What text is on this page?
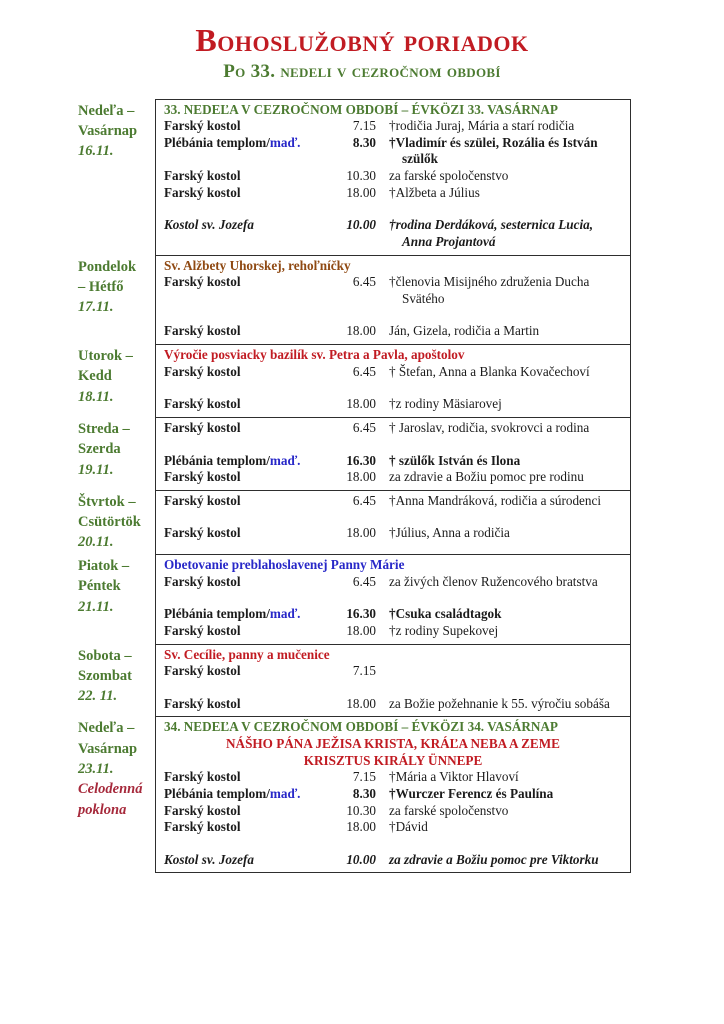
Bohoslužobný poriadok
Po 33. nedeli v cezročnom období
Nedeľa –
Vasárnap
16.11.
33. NEDEĽA V CEZROČNOM OBDOBÍ – ÉVKÖZI 33. VASÁRNAP
Farský kostol	7.15 †rodičia Juraj, Mária a starí rodičia
Plébánia templom/maď.	8.30 †Vladimír és szülei, Rozália és István szülők
Farský kostol	10.30 za farské spoločenstvo
Farský kostol	18.00 †Alžbeta a Július
Kostol sv. Jozefa	10.00 †rodina Derdáková, sesternica Lucia, Anna Projantová
Pondelok
– Hétfő
17.11.
Sv. Alžbety Uhorskej, rehoľníčky
Farský kostol	6.45 †členovia Misijného združenia Ducha Svätého
Farský kostol	18.00 Ján, Gizela, rodičia a Martin
Utorok –
Kedd
18.11.
Výročie posviacky bazilík sv. Petra a Pavla, apoštolov
Farský kostol	6.45 † Štefan, Anna a Blanka Kovačechoví
Farský kostol	18.00 †z rodiny Mäsiarovej
Streda –
Szerda
19.11.
Farský kostol	6.45 † Jaroslav, rodičia, svokrovci a rodina
Plébánia templom/maď.	16.30 † szülők István és Ilona
Farský kostol	18.00 za zdravie a Božiu pomoc pre rodinu
Štvrtok –
Csütörtök
20.11.
Farský kostol	6.45 †Anna Mandráková, rodičia a súrodenci
Farský kostol	18.00 †Július, Anna a rodičia
Piatok –
Péntek
21.11.
Obetovanie preblahoslavenej Panny Márie
Farský kostol	6.45 za živých členov Ružencového bratstva
Plébánia templom/maď.	16.30 †Csuka családtagok
Farský kostol	18.00 †z rodiny Supekovej
Sobota –
Szombat
22. 11.
Sv. Cecílie, panny a mučenice
Farský kostol	7.15
Farský kostol	18.00 za Božie požehnanie k 55. výročiu sobáša
Nedeľa –
Vasárnap
23.11.
Celodenná
poklona
34. NEDEĽA V CEZROČNOM OBDOBÍ – ÉVKÖZI 34. VASÁRNAP
NÁŠHO PÁNA JEŽISA KRISTA, KRÁĽA NEBA A ZEME
KRISZTUS KIRÁLY ÜNNEPE
Farský kostol	7.15 †Mária a Viktor Hlavoví
Plébánia templom/maď.	8.30 †Wurczer Ferencz és Paulína
Farský kostol	10.30 za farské spoločenstvo
Farský kostol	18.00 †Dávid
Kostol sv. Jozefa	10.00 za zdravie a Božiu pomoc pre Viktorku
